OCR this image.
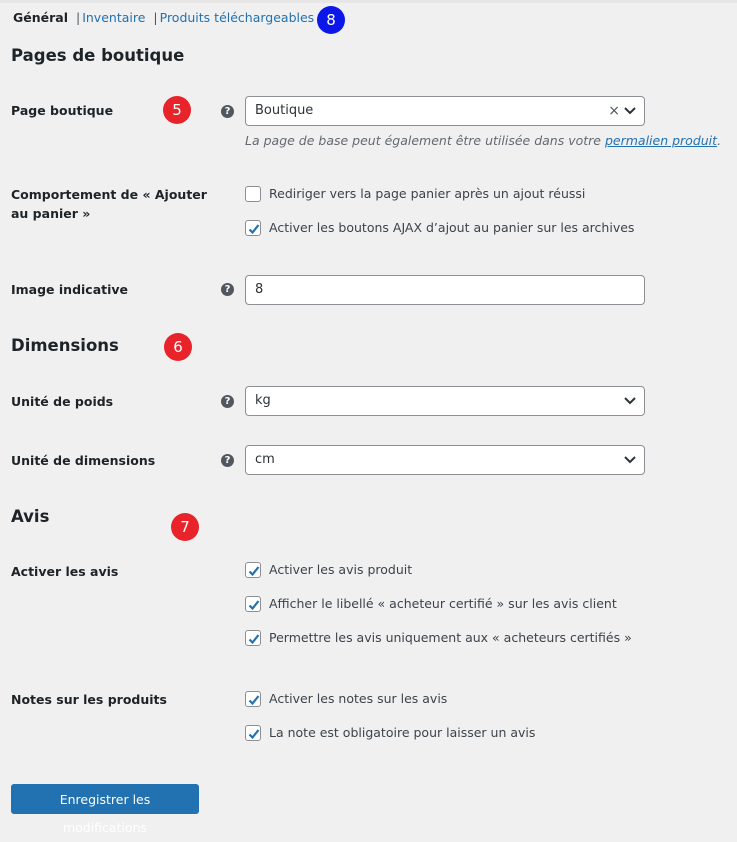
Général | Inventaire | Produits téléchargeables 8
Pages de boutique
Page boutique	5	?	Boutique	×
La page de base peut également être utilisée dans votre permalien produit.
Comportement de « Ajouter au panier »
Rediriger vers la page panier après un ajout réussi
Activer les boutons AJAX d’ajout au panier sur les archives
Image indicative	?	8
Dimensions	6
Unité de poids	?	kg
Unité de dimensions	?	cm
Avis
7
Activer les avis	Activer les avis produit
Afficher le libellé « acheteur certifié » sur les avis client
Permettre les avis uniquement aux « acheteurs certifiés »
Notes sur les produits	Activer les notes sur les avis
La note est obligatoire pour laisser un avis
Enregistrer les modifications
